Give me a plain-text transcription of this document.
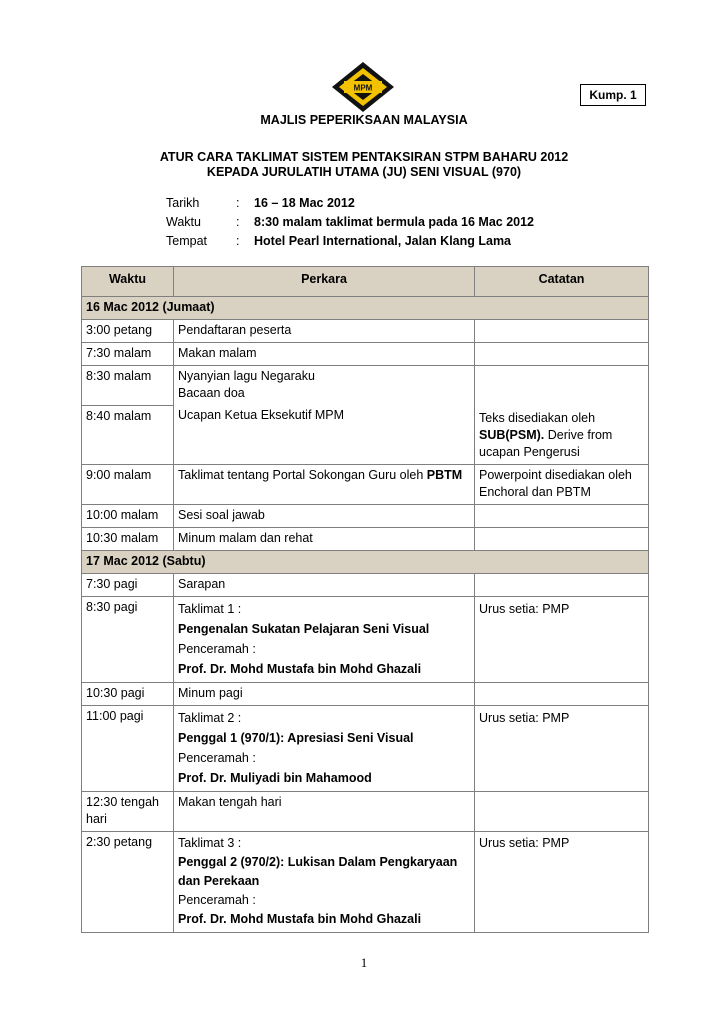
MPM	Kump. 1
MAJLIS PEPERIKSAAN MALAYSIA
ATUR CARA TAKLIMAT SISTEM PENTAKSIRAN STPM BAHARU 2012
KEPADA JURULATIH UTAMA (JU) SENI VISUAL (970)
Tarikh	: 16 – 18 Mac 2012
Waktu	: 8:30 malam taklimat bermula pada 16 Mac 2012
Tempat : Hotel Pearl International, Jalan Klang Lama
Waktu	Perkara	Catatan
16 Mac 2012 (Jumaat)		
3:00 petang	Pendaftaran peserta	
7:30 malam	Makan malam	
8:30 malam	Nyanyian lagu Negaraku
Bacaan doa	

8:40 malam	Ucapan Ketua Eksekutif MPM	Teks disediakan oleh
SUB(PSM). Derive from
ucapan Pengerusi

9:00 malam	Taklimat tentang Portal Sokongan Guru oleh PBTM	Powerpoint disediakan oleh
Enchoral dan PBTM

10:00 malam	Sesi soal jawab	
10:30 malam	Minum malam dan rehat	
17 Mac 2012 (Sabtu)		
7:30 pagi	Sarapan	
8:30 pagi	Taklimat 1 :
Pengenalan Sukatan Pelajaran Seni Visual
Penceramah :
Prof. Dr. Mohd Mustafa bin Mohd Ghazali	Urus setia: PMP
10:30 pagi	Minum pagi	
11:00 pagi	Taklimat 2 :
Penggal 1 (970/1): Apresiasi Seni Visual
Penceramah :
Prof. Dr. Muliyadi bin Mahamood	Urus setia: PMP

12:30 tengah
hari	Makan tengah hari	
2:30 petang	Taklimat 3 :
Penggal 2 (970/2): Lukisan Dalam Pengkaryaan
dan Perekaan
Penceramah :
Prof. Dr. Mohd Mustafa bin Mohd Ghazali	Urus setia: PMP
1
